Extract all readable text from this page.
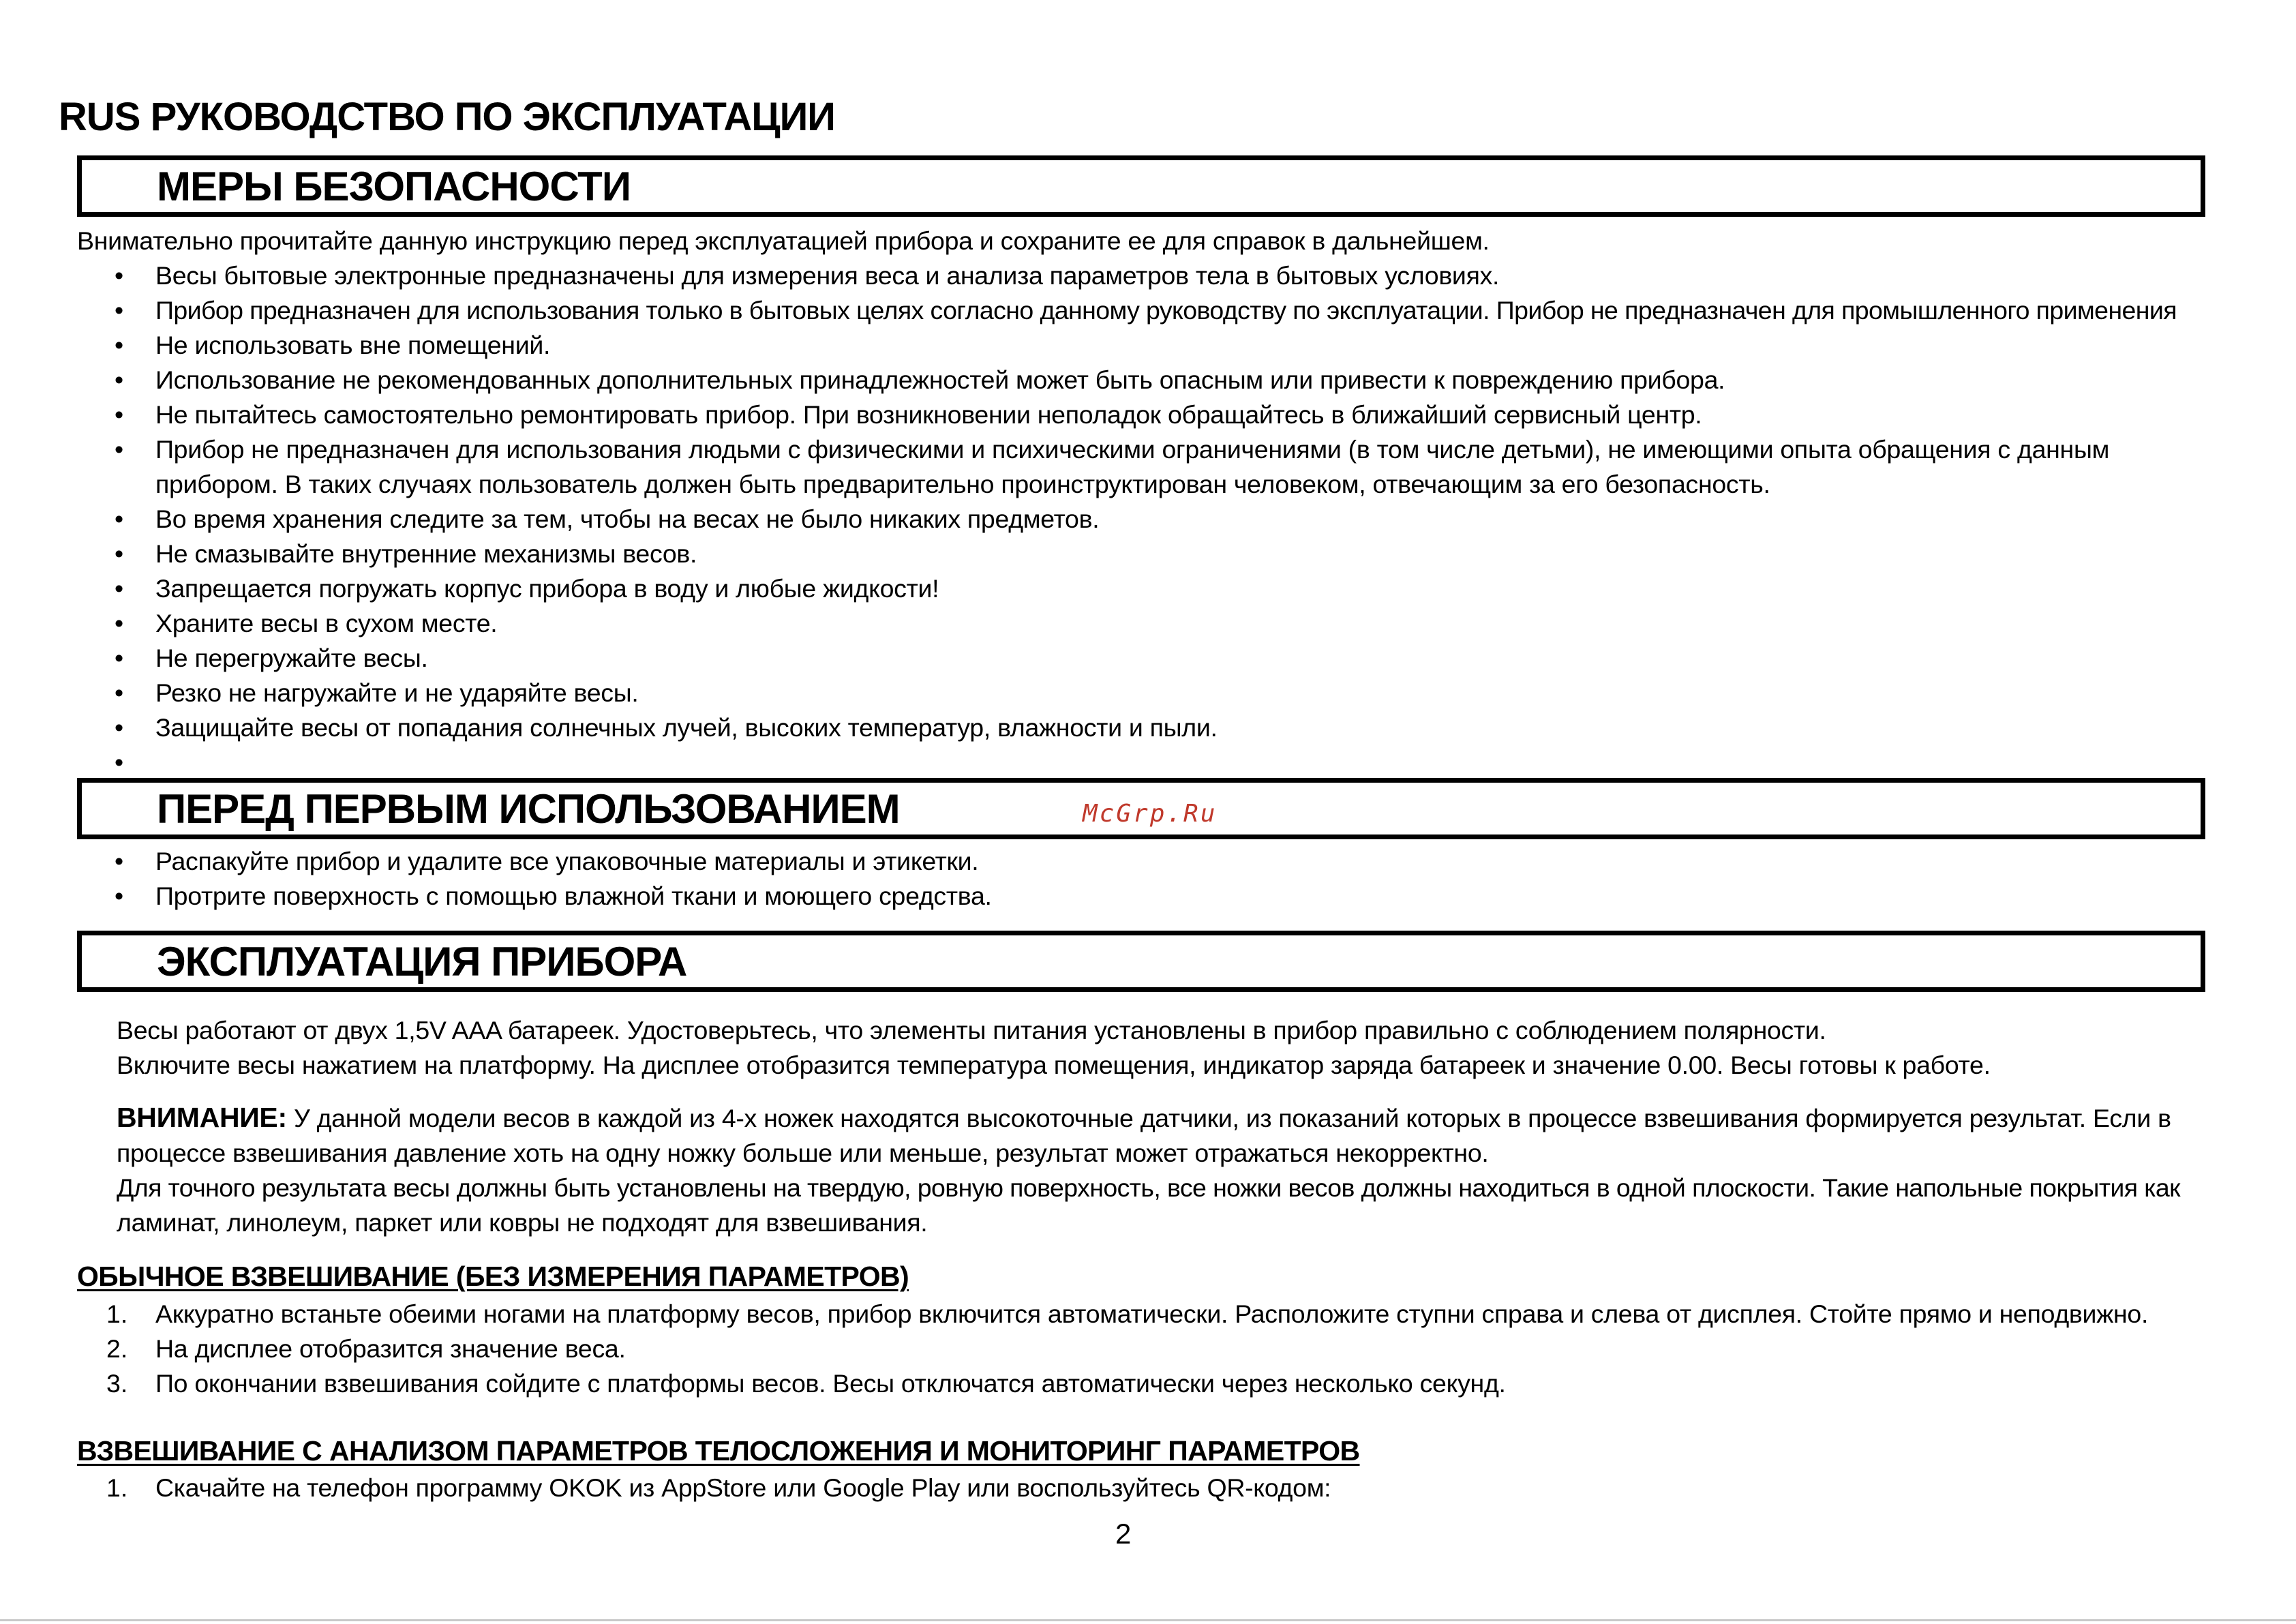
RUS РУКОВОДСТВО ПО ЭКСПЛУАТАЦИИ
МЕРЫ БЕЗОПАСНОСТИ
Внимательно прочитайте данную инструкцию перед эксплуатацией прибора и сохраните ее для справок в дальнейшем.
• Весы бытовые электронные предназначены для измерения веса и анализа параметров тела в бытовых условиях.
• Прибор предназначен для использования только в бытовых целях согласно данному руководству по эксплуатации. Прибор не предназначен для промышленного применения
• Не использовать вне помещений.
• Использование не рекомендованных дополнительных принадлежностей может быть опасным или привести к повреждению прибора.
• Не пытайтесь самостоятельно ремонтировать прибор. При возникновении неполадок обращайтесь в ближайший сервисный центр.
• Прибор не предназначен для использования людьми с физическими и психическими ограничениями (в том числе детьми), не имеющими опыта обращения с данным
прибором. В таких случаях пользователь должен быть предварительно проинструктирован человеком, отвечающим за его безопасность.
• Во время хранения следите за тем, чтобы на весах не было никаких предметов.
• Не смазывайте внутренние механизмы весов.
• Запрещается погружать корпус прибора в воду и любые жидкости!
• Храните весы в сухом месте.
• Не перегружайте весы.
• Резко не нагружайте и не ударяйте весы.
• Защищайте весы от попадания солнечных лучей, высоких температур, влажности и пыли.
•
ПЕРЕД ПЕРВЫМ ИСПОЛЬЗОВАНИЕМ	McGrp.Ru
• Распакуйте прибор и удалите все упаковочные материалы и этикетки.
• Протрите поверхность с помощью влажной ткани и моющего средства.
ЭКСПЛУАТАЦИЯ ПРИБОРА
Весы работают от двух 1,5V AAA батареек. Удостоверьтесь, что элементы питания установлены в прибор правильно с соблюдением полярности.
Включите весы нажатием на платформу. На дисплее отобразится температура помещения, индикатор заряда батареек и значение 0.00. Весы готовы к работе.
ВНИМАНИЕ: У данной модели весов в каждой из 4-х ножек находятся высокоточные датчики, из показаний которых в процессе взвешивания формируется результат. Если в
процессе взвешивания давление хоть на одну ножку больше или меньше, результат может отражаться некорректно.
Для точного результата весы должны быть установлены на твердую, ровную поверхность, все ножки весов должны находиться в одной плоскости. Такие напольные покрытия как
ламинат, линолеум, паркет или ковры не подходят для взвешивания.
ОБЫЧНОЕ ВЗВЕШИВАНИЕ (БЕЗ ИЗМЕРЕНИЯ ПАРАМЕТРОВ)
1. Аккуратно встаньте обеими ногами на платформу весов, прибор включится автоматически. Расположите ступни справа и слева от дисплея. Стойте прямо и неподвижно.
2. На дисплее отобразится значение веса.
3. По окончании взвешивания сойдите с платформы весов. Весы отключатся автоматически через несколько секунд.
ВЗВЕШИВАНИЕ С АНАЛИЗОМ ПАРАМЕТРОВ ТЕЛОСЛОЖЕНИЯ И МОНИТОРИНГ ПАРАМЕТРОВ
1. Скачайте на телефон программу OKOK из AppStore или Google Play или воспользуйтесь QR-кодом:
2
